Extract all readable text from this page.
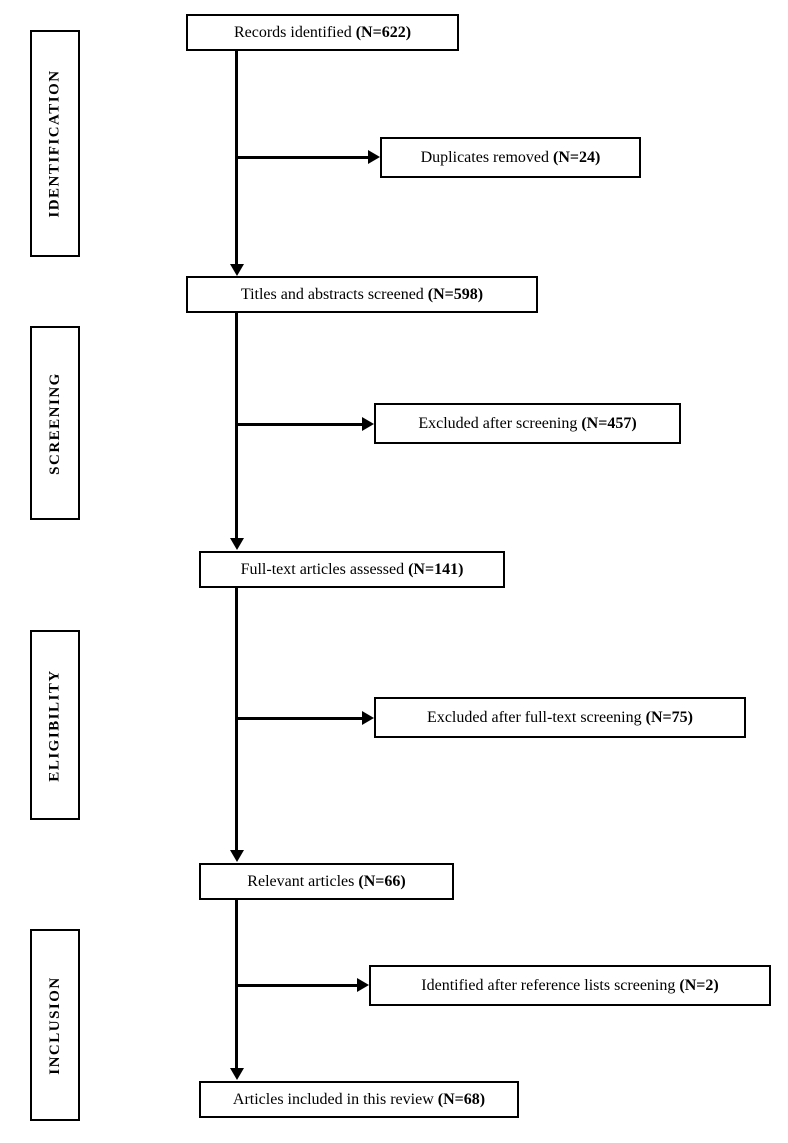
IDENTIFICATION
SCREENING
ELIGIBILITY
INCLUSION
Records identified (N=622)
Titles and abstracts screened (N=598)
Full-text articles assessed (N=141)
Relevant articles (N=66)
Articles included in this review (N=68)
Duplicates removed (N=24)
Excluded after screening (N=457)
Excluded after full-text screening (N=75)
Identified after reference lists screening (N=2)
